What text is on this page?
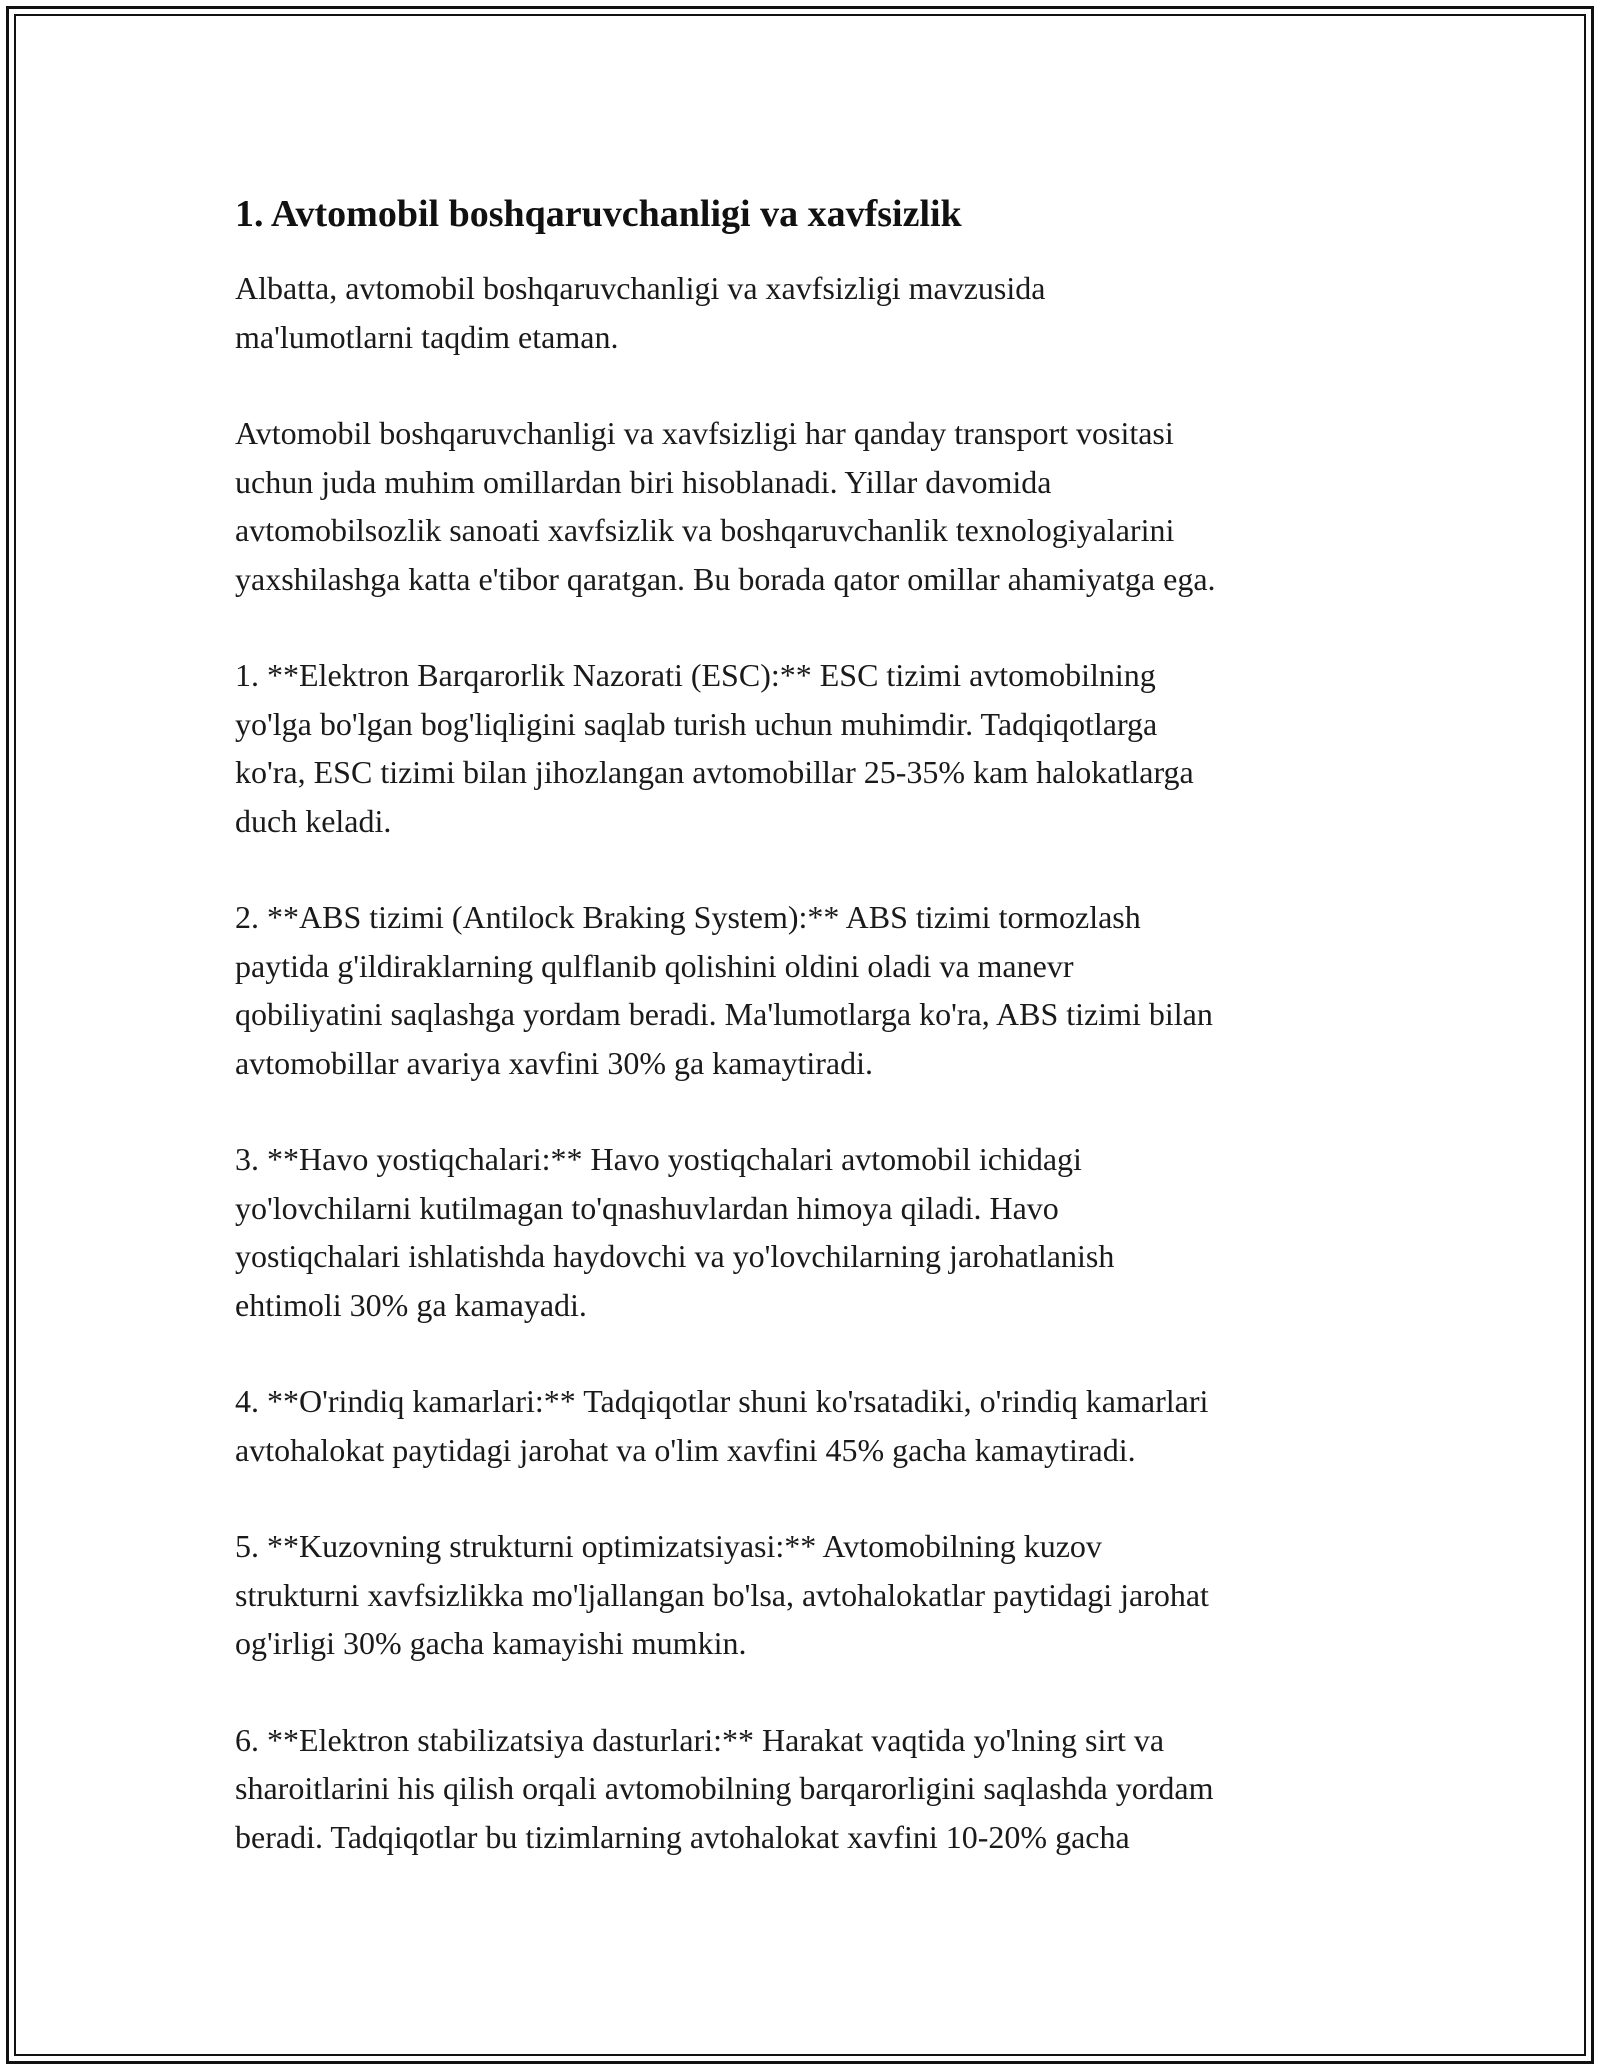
1. Avtomobil boshqaruvchanligi va xavfsizlik

Albatta, avtomobil boshqaruvchanligi va xavfsizligi mavzusida
ma'lumotlarni taqdim etaman.

Avtomobil boshqaruvchanligi va xavfsizligi har qanday transport vositasi
uchun juda muhim omillardan biri hisoblanadi. Yillar davomida
avtomobilsozlik sanoati xavfsizlik va boshqaruvchanlik texnologiyalarini
yaxshilashga katta e'tibor qaratgan. Bu borada qator omillar ahamiyatga ega.

1. **Elektron Barqarorlik Nazorati (ESC):** ESC tizimi avtomobilning
yo'lga bo'lgan bog'liqligini saqlab turish uchun muhimdir. Tadqiqotlarga
ko'ra, ESC tizimi bilan jihozlangan avtomobillar 25-35% kam halokatlarga
duch keladi.

2. **ABS tizimi (Antilock Braking System):** ABS tizimi tormozlash
paytida g'ildiraklarning qulflanib qolishini oldini oladi va manevr
qobiliyatini saqlashga yordam beradi. Ma'lumotlarga ko'ra, ABS tizimi bilan
avtomobillar avariya xavfini 30% ga kamaytiradi.

3. **Havo yostiqchalari:** Havo yostiqchalari avtomobil ichidagi
yo'lovchilarni kutilmagan to'qnashuvlardan himoya qiladi. Havo
yostiqchalari ishlatishda haydovchi va yo'lovchilarning jarohatlanish
ehtimoli 30% ga kamayadi.

4. **O'rindiq kamarlari:** Tadqiqotlar shuni ko'rsatadiki, o'rindiq kamarlari
avtohalokat paytidagi jarohat va o'lim xavfini 45% gacha kamaytiradi.

5. **Kuzovning strukturni optimizatsiyasi:** Avtomobilning kuzov
strukturni xavfsizlikka mo'ljallangan bo'lsa, avtohalokatlar paytidagi jarohat
og'irligi 30% gacha kamayishi mumkin.

6. **Elektron stabilizatsiya dasturlari:** Harakat vaqtida yo'lning sirt va
sharoitlarini his qilish orqali avtomobilning barqarorligini saqlashda yordam
beradi. Tadqiqotlar bu tizimlarning avtohalokat xavfini 10-20% gacha
